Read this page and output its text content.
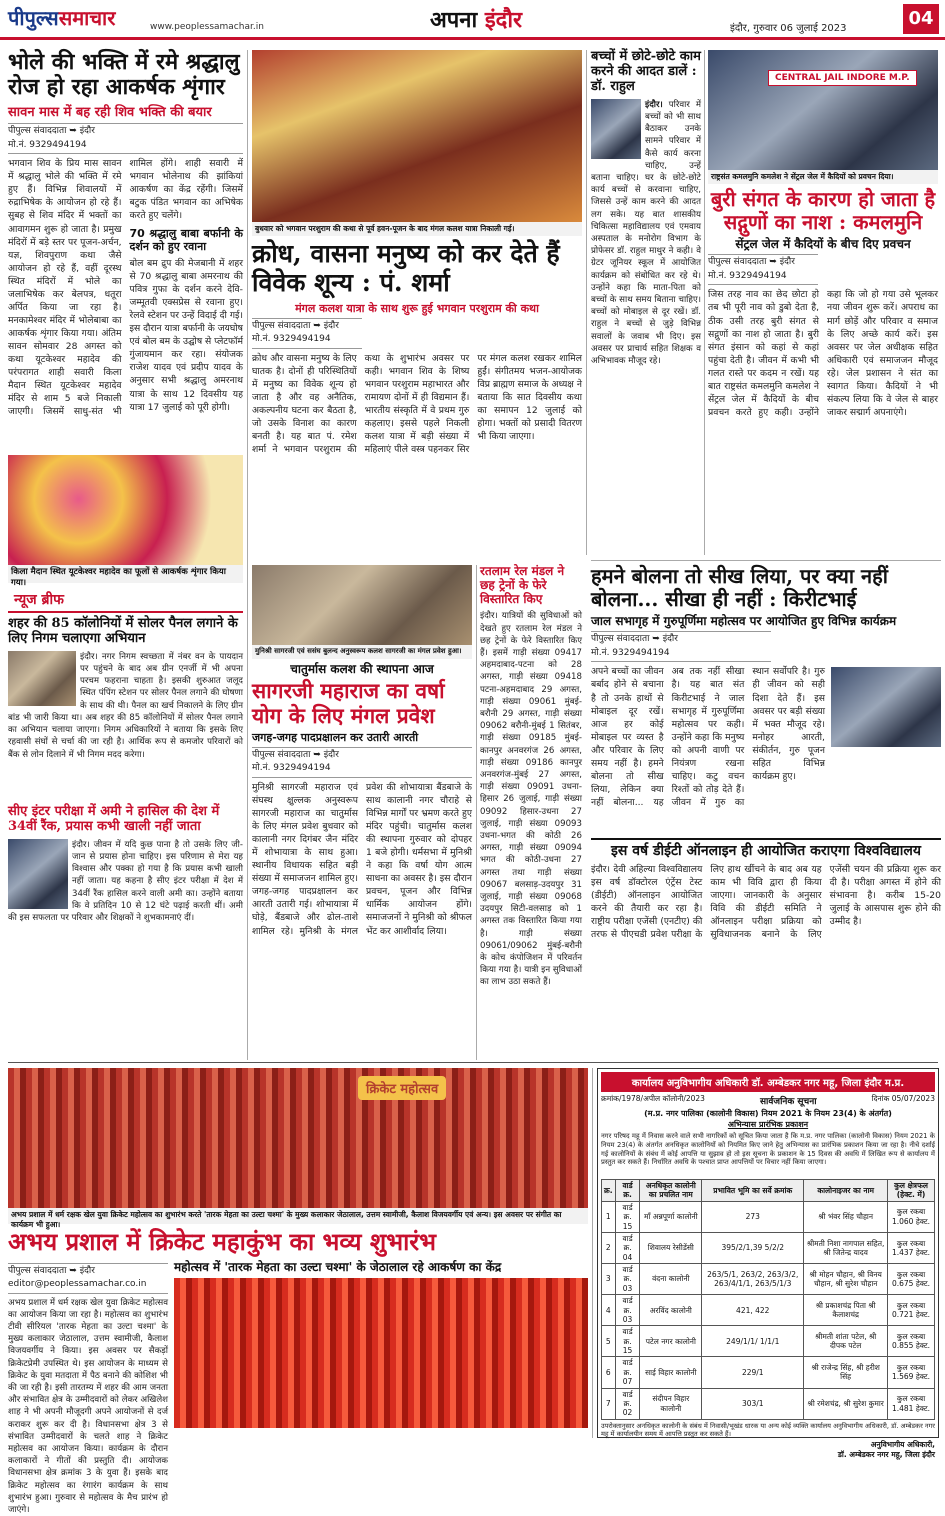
पीपुल्ससमाचार	www.peoplessamachar.in	अपना इंदौर	इंदौर, गुरुवार 06 जुलाई 2023	04
भोले की भक्ति में रमे श्रद्धालु रोज हो रहा आकर्षक शृंगार
सावन मास में बह रही शिव भक्ति की बयार
पीपुल्स संवाददाता ➥ इंदौर
मो.नं. 9329494194
भगवान शिव के प्रिय मास सावन में श्रद्धालु भोले की भक्ति में रमे हुए हैं। विभिन्न शिवालयों में रुद्राभिषेक के आयोजन हो रहे हैं। सुबह से शिव मंदिर में भक्तों का आवागमन शुरू हो जाता है। प्रमुख मंदिरों में बड़े स्तर पर पूजन-अर्चन, यज्ञ, शिवपुराण कथा जैसे आयोजन हो रहे हैं, वहीं दूरस्थ स्थित मंदिरों में भोले का जलाभिषेक कर बेलपत्र, धतूरा अर्पित किया जा रहा है। मनकामेश्वर मंदिर में भोलेबाबा का आकर्षक शृंगार किया गया। अंतिम सावन सोमवार 28 अगस्त को कथा यूटकेश्वर महादेव की परंपरागत शाही सवारी किला मैदान स्थित यूटकेश्वर महादेव मंदिर से शाम 5 बजे निकाली जाएगी। जिसमें साधु-संत भी शामिल होंगे। शाही सवारी में भगवान भोलेनाथ की झांकियां आकर्षण का केंद्र रहेंगी। जिसमें बटुक पंडित भगवान का अभिषेक करते हुए चलेंगे।
70 श्रद्धालु बाबा बर्फानी के दर्शन को हुए रवाना
बोल बम द्रुप की मेजबानी में शहर से 70 श्रद्धालु बाबा अमरनाथ की पवित्र गुफा के दर्शन करने देवि-जम्मूतवी एक्सप्रेस से रवाना हुए। रेलवे स्टेशन पर उन्हें विदाई दी गई। इस दौरान यात्रा बर्फानी के जयघोष एवं बोल बम के उद्घोष से प्लेटफॉर्म गुंजायमान कर रहा। संयोजक राजेश यादव एवं प्रदीप यादव के अनुसार सभी श्रद्धालु अमरनाथ यात्रा के साथ 12 दिवसीय यह यात्रा 17 जुलाई को पूरी होगी।
किला मैदान स्थित यूटकेश्वर महादेव का फूलों से आकर्षक शृंगार किया गया।
बुधवार को भगवान परशुराम की कथा से पूर्व हवन-पूजन के बाद मंगल कलश यात्रा निकाली गई।
क्रोध, वासना मनुष्य को कर देते हैं विवेक शून्य : पं. शर्मा
मंगल कलश यात्रा के साथ शुरू हुई भगवान परशुराम की कथा
पीपुल्स संवाददाता ➥ इंदौर
मो.नं. 9329494194
क्रोध और वासना मनुष्य के लिए घातक है। दोनों ही परिस्थितियों में मनुष्य का विवेक शून्य हो जाता है और वह अनैतिक, अकल्पनीय घटना कर बैठता है, जो उसके विनाश का कारण बनती है। यह बात पं. रमेश शर्मा ने भगवान परशुराम की कथा के शुभारंभ अवसर पर कही। भगवान शिव के शिष्य भगवान परशुराम महाभारत और रामायण दोनों में ही विद्यमान हैं। भारतीय संस्कृति में वे प्रथम गुरु कहलाए। इससे पहले निकली कलश यात्रा में बड़ी संख्या में महिलाएं पीले वस्त्र पहनकर सिर पर मंगल कलश रखकर शामिल हुईं। संगीतमय भजन-आयोजक विप्र ब्राह्मण समाज के अध्यक्ष ने बताया कि सात दिवसीय कथा का समापन 12 जुलाई को होगा। भक्तों को प्रसादी वितरण भी किया जाएगा।
मुनिश्री सागरजी एवं ससंघ बुलन्द अनुस्वरूप कलश सागरजी का मंगल प्रवेश हुआ।
चातुर्मास कलश की स्थापना आज
सागरजी महाराज का वर्षा योग के लिए मंगल प्रवेश
जगह-जगह पादप्रक्षालन कर उतारी आरती
पीपुल्स संवाददाता ➥ इंदौर
मो.नं. 9329494194
मुनिश्री सागरजी महाराज एवं संघस्थ क्षुल्लक अनुस्वरूप सागरजी महाराज का चातुर्मास के लिए मंगल प्रवेश बुधवार को कालानी नगर दिगंबर जैन मंदिर में शोभायात्रा के साथ हुआ। स्थानीय विधायक सहित बड़ी संख्या में समाजजन शामिल हुए। जगह-जगह पादप्रक्षालन कर आरती उतारी गई। शोभायात्रा में घोड़े, बैंडबाजे और ढोल-ताशे शामिल रहे। मुनिश्री के मंगल प्रवेश की शोभायात्रा बैंडबाजे के साथ कालानी नगर चौराहे से विभिन्न मार्गों पर भ्रमण करते हुए मंदिर पहुंची। चातुर्मास कलश की स्थापना गुरुवार को दोपहर 1 बजे होगी। धर्मसभा में मुनिश्री ने कहा कि वर्षा योग आत्म साधना का अवसर है। इस दौरान प्रवचन, पूजन और विभिन्न धार्मिक आयोजन होंगे। समाजजनों ने मुनिश्री को श्रीफल भेंट कर आशीर्वाद लिया।
रतलाम रेल मंडल ने छह ट्रेनों के फेरे विस्तारित किए
इंदौर। यात्रियों की सुविधाओं को देखते हुए रतलाम रेल मंडल ने छह ट्रेनों के फेरे विस्तारित किए हैं। इसमें गाड़ी संख्या 09417 अहमदाबाद-पटना को 28 अगस्त, गाड़ी संख्या 09418 पटना-अहमदाबाद 29 अगस्त, गाड़ी संख्या 09061 मुंबई-बरौनी 29 अगस्त, गाड़ी संख्या 09062 बरौनी-मुंबई 1 सितंबर, गाड़ी संख्या 09185 मुंबई-कानपुर अनवरगंज 26 अगस्त, गाड़ी संख्या 09186 कानपुर अनवरगंज-मुंबई 27 अगस्त, गाड़ी संख्या 09091 उधना-हिसार 26 जुलाई, गाड़ी संख्या 09092 हिसार-उधना 27 जुलाई, गाड़ी संख्या 09093 उधना-भगत की कोठी 26 अगस्त, गाड़ी संख्या 09094 भगत की कोठी-उधना 27 अगस्त तथा गाड़ी संख्या 09067 बलसाड़-उदयपुर 31 जुलाई, गाड़ी संख्या 09068 उदयपुर सिटी-वलसाड़ को 1 अगस्त तक विस्तारित किया गया है। गाड़ी संख्या 09061/09062 मुंबई-बरौनी के कोच कंपोजिशन में परिवर्तन किया गया है। यात्री इन सुविधाओं का लाभ उठा सकते हैं।
बच्चों में छोटे-छोटे काम करने की आदत डालें : डॉ. राहुल
इंदौर। परिवार में बच्चों को भी साथ बैठाकर उनके सामने परिवार में कैसे कार्य करना चाहिए, उन्हें बताना चाहिए। घर के छोटे-छोटे कार्य बच्चों से करवाना चाहिए, जिससे उन्हें काम करने की आदत लग सके। यह बात शासकीय चिकित्सा महाविद्यालय एवं एमवाय अस्पताल के मनोरोग विभाग के प्रोफेसर डॉ. राहुल माथुर ने कही। वे ग्रेटर जूनियर स्कूल में आयोजित कार्यक्रम को संबोधित कर रहे थे। उन्होंने कहा कि माता-पिता को बच्चों के साथ समय बिताना चाहिए। बच्चों को मोबाइल से दूर रखें। डॉ. राहुल ने बच्चों से जुड़े विभिन्न सवालों के जवाब भी दिए। इस अवसर पर प्राचार्य सहित शिक्षक व अभिभावक मौजूद रहे।
CENTRAL JAIL INDORE M.P.
राष्ट्रसंत कमलमुनि कमलेश ने सेंट्रल जेल में कैदियों को प्रवचन दिया।
बुरी संगत के कारण हो जाता है सद्गुणों का नाश : कमलमुनि
सेंट्रल जेल में कैदियों के बीच दिए प्रवचन
पीपुल्स संवाददाता ➥ इंदौर
मो.नं. 9329494194
जिस तरह नाव का छेद छोटा हो तब भी पूरी नाव को डुबो देता है, ठीक उसी तरह बुरी संगत से सद्गुणों का नाश हो जाता है। बुरी संगत इंसान को कहां से कहां पहुंचा देती है। जीवन में कभी भी गलत रास्ते पर कदम न रखें। यह बात राष्ट्रसंत कमलमुनि कमलेश ने सेंट्रल जेल में कैदियों के बीच प्रवचन करते हुए कही। उन्होंने कहा कि जो हो गया उसे भूलकर नया जीवन शुरू करें। अपराध का मार्ग छोड़ें और परिवार व समाज के लिए अच्छे कार्य करें। इस अवसर पर जेल अधीक्षक सहित अधिकारी एवं समाजजन मौजूद रहे। जेल प्रशासन ने संत का स्वागत किया। कैदियों ने भी संकल्प लिया कि वे जेल से बाहर जाकर सद्मार्ग अपनाएंगे।
न्यूज ब्रीफ
शहर की 85 कॉलोनियों में सोलर पैनल लगाने के लिए निगम चलाएगा अभियान
इंदौर। नगर निगम स्वच्छता में नंबर वन के पायदान पर पहुंचने के बाद अब ग्रीन एनर्जी में भी अपना परचम फहराना चाहता है। इसकी शुरुआत जलूद स्थित पंपिंग स्टेशन पर सोलर पैनल लगाने की घोषणा के साथ की थी। पैनल का खर्च निकालने के लिए ग्रीन बांड भी जारी किया था। अब शहर की 85 कॉलोनियों में सोलर पैनल लगाने का अभियान चलाया जाएगा। निगम अधिकारियों ने बताया कि इसके लिए रहवासी संघों से चर्चा की जा रही है। आर्थिक रूप से कमजोर परिवारों को बैंक से लोन दिलाने में भी निगम मदद करेगा।
सीए इंटर परीक्षा में अमी ने हासिल की देश में 34वीं रैंक, प्रयास कभी खाली नहीं जाता
इंदौर। जीवन में यदि कुछ पाना है तो उसके लिए जी-जान से प्रयास होना चाहिए। इस परिणाम से मेरा यह विश्वास और पक्का हो गया है कि प्रयास कभी खाली नहीं जाता। यह कहना है सीए इंटर परीक्षा में देश में 34वीं रैंक हासिल करने वाली अमी का। उन्होंने बताया कि वे प्रतिदिन 10 से 12 घंटे पढ़ाई करती थीं। अमी की इस सफलता पर परिवार और शिक्षकों ने शुभकामनाएं दीं।
हमने बोलना तो सीख लिया, पर क्या नहीं बोलना... सीखा ही नहीं : किरीटभाई
जाल सभागृह में गुरुपूर्णिमा महोत्सव पर आयोजित हुए विभिन्न कार्यक्रम
पीपुल्स संवाददाता ➥ इंदौर
मो.नं. 9329494194
अपने बच्चों का जीवन बर्बाद होने से बचाना है तो उनके हाथों से मोबाइल दूर रखें। आज हर कोई मोबाइल पर व्यस्त है और परिवार के लिए समय नहीं है। हमने बोलना तो सीख लिया, लेकिन क्या नहीं बोलना... यह अब तक नहीं सीखा है। यह बात संत किरीटभाई ने जाल सभागृह में गुरुपूर्णिमा महोत्सव पर कही। उन्होंने कहा कि मनुष्य को अपनी वाणी पर नियंत्रण रखना चाहिए। कटु वचन रिश्तों को तोड़ देते हैं। जीवन में गुरु का स्थान सर्वोपरि है। गुरु ही जीवन को सही दिशा देते हैं। इस अवसर पर बड़ी संख्या में भक्त मौजूद रहे। मनोहर आरती, संकीर्तन, गुरु पूजन सहित विभिन्न कार्यक्रम हुए।
इस वर्ष डीईटी ऑनलाइन ही आयोजित कराएगा विश्वविद्यालय
इंदौर। देवी अहिल्या विश्वविद्यालय इस वर्ष डॉक्टोरल एंट्रेंस टेस्ट (डीईटी) ऑनलाइन आयोजित करने की तैयारी कर रहा है। राष्ट्रीय परीक्षा एजेंसी (एनटीए) की तरफ से पीएचडी प्रवेश परीक्षा के लिए हाथ खींचने के बाद अब यह काम भी विवि द्वारा ही किया जाएगा। जानकारी के अनुसार विवि की डीईटी समिति ने ऑनलाइन परीक्षा प्रक्रिया को सुविधाजनक बनाने के लिए एजेंसी चयन की प्रक्रिया शुरू कर दी है। परीक्षा अगस्त में होने की संभावना है। करीब 15-20 जुलाई के आसपास शुरू होने की उम्मीद है।
क्रिकेट महोत्सव
अभय प्रशाल में धर्म रक्षक खेल युवा क्रिकेट महोत्सव का शुभारंभ करते 'तारक मेहता का उल्टा चश्मा' के मुख्य कलाकार जेठालाल, उत्तम स्वामीजी, कैलाश विजयवर्गीय एवं अन्य। इस अवसर पर संगीत का कार्यक्रम भी हुआ।
अभय प्रशाल में क्रिकेट महाकुंभ का भव्य शुभारंभ
पीपुल्स संवाददाता ➥ इंदौर
editor@peoplessamachar.co.in
अभय प्रशाल में धर्म रक्षक खेल युवा क्रिकेट महोत्सव का आयोजन किया जा रहा है। महोत्सव का शुभारंभ टीवी सीरियल 'तारक मेहता का उल्टा चश्मा' के मुख्य कलाकार जेठालाल, उत्तम स्वामीजी, कैलाश विजयवर्गीय ने किया। इस अवसर पर सैकड़ों क्रिकेटप्रेमी उपस्थित थे। इस आयोजन के माध्यम से क्रिकेट के युवा मतदाता में पैठ बनाने की कोशिश भी की जा रही है। इसी तारतम्य में शहर की आम जनता और संभावित क्षेत्र के उम्मीदवारों को लेकर अखिलेश शाह ने भी अपनी मौजूदगी अपने आयोजनों से दर्ज कराकर शुरू कर दी है। विधानसभा क्षेत्र 3 से संभावित उम्मीदवारों के चलते शाह ने क्रिकेट महोत्सव का आयोजन किया। कार्यक्रम के दौरान कलाकारों ने गीतों की प्रस्तुति दी। आयोजक विधानसभा क्षेत्र क्रमांक 3 के युवा हैं। इसके बाद क्रिकेट महोत्सव का रंगारंग कार्यक्रम के साथ शुभारंभ हुआ। गुरुवार से महोत्सव के मैच प्रारंभ हो जाएंगे।
महोत्सव में 'तारक मेहता का उल्टा चश्मा' के जेठालाल रहे आकर्षण का केंद्र
कार्यालय अनुविभागीय अधिकारी डॉ. अम्बेडकर नगर महू, जिला इंदौर म.प्र.
क्रमांक/1978/अपील कॉलोनी/2023	सार्वजनिक सूचना	दिनांक 05/07/2023
(म.प्र. नगर पालिका (कालोनी विकास) नियम 2021 के नियम 23(4) के अंतर्गत)
अभिन्यास प्रारंभिक प्रकाशन
नगर परिषद महू में निवास करने वाले सभी नागरिकों को सूचित किया जाता है कि म.प्र. नगर पालिका (कालोनी विकास) नियम 2021 के नियम 23(4) के अंतर्गत अनधिकृत कालोनियों को नियमित किए जाने हेतु अभिन्यास का प्रारंभिक प्रकाशन किया जा रहा है। नीचे दर्शाई गई कालोनियों के संबंध में कोई आपत्ति या सुझाव हो तो इस सूचना के प्रकाशन के 15 दिवस की अवधि में लिखित रूप से कार्यालय में प्रस्तुत कर सकते हैं। निर्धारित अवधि के पश्चात प्राप्त आपत्तियों पर विचार नहीं किया जाएगा।
क्र.	वार्ड क्र.	अनधिकृत कालोनी का प्रचलित नाम	प्रभावित भूमि का सर्वे क्रमांक	कालोनाइजर का नाम	कुल क्षेत्रफल (हेक्ट. में)
1	वार्ड क्र. 15	माँ अन्नपूर्णा कालोनी	273	श्री भंवर सिंह चौहान	कुल रकबा 1.060 हेक्ट.
2	वार्ड क्र. 04	शिवालय रेसीडेंसी	395/2/1,39 5/2/2	श्रीमती निशा नागपाल सहित, श्री जितेन्द्र यादव	कुल रकबा 1.437 हेक्ट.
3	वार्ड क्र. 03	वंदना कालोनी	263/5/1, 263/2, 263/3/2, 263/4/1/1, 263/5/1/3	श्री मोहन चौहान, श्री विनय चौहान, श्री सुरेश चौहान	कुल रकबा 0.675 हेक्ट.
4	वार्ड क्र. 03	अरविंद कालोनी	421, 422	श्री प्रकाशचंद्र पिता श्री कैलाशचंद्र	कुल रकबा 0.721 हेक्ट.
5	वार्ड क्र. 15	पटेल नगर कालोनी	249/1/1/ 1/1/1	श्रीमती शांता पटेल, श्री दीपक पटेल	कुल रकबा 0.855 हेक्ट.
6	वार्ड क्र. 07	साई विहार कालोनी	229/1	श्री राजेन्द्र सिंह, श्री हरीश सिंह	कुल रकबा 1.569 हेक्ट.
7	वार्ड क्र. 02	संदीपन विहार कालोनी	303/1	श्री रमेशचंद्र, श्री सुरेश कुमार	कुल रकबा 1.481 हेक्ट.
उपरोक्तानुसार अनधिकृत कालोनी के संबंध में निवासी/भूखंड धारक या अन्य कोई व्यक्ति कार्यालय अनुविभागीय अधिकारी, डॉ. अम्बेडकर नगर महू में कार्यालयीन समय में आपत्ति प्रस्तुत कर सकते हैं।
अनुविभागीय अधिकारी,
डॉ. अम्बेडकर नगर महू, जिला इंदौर
